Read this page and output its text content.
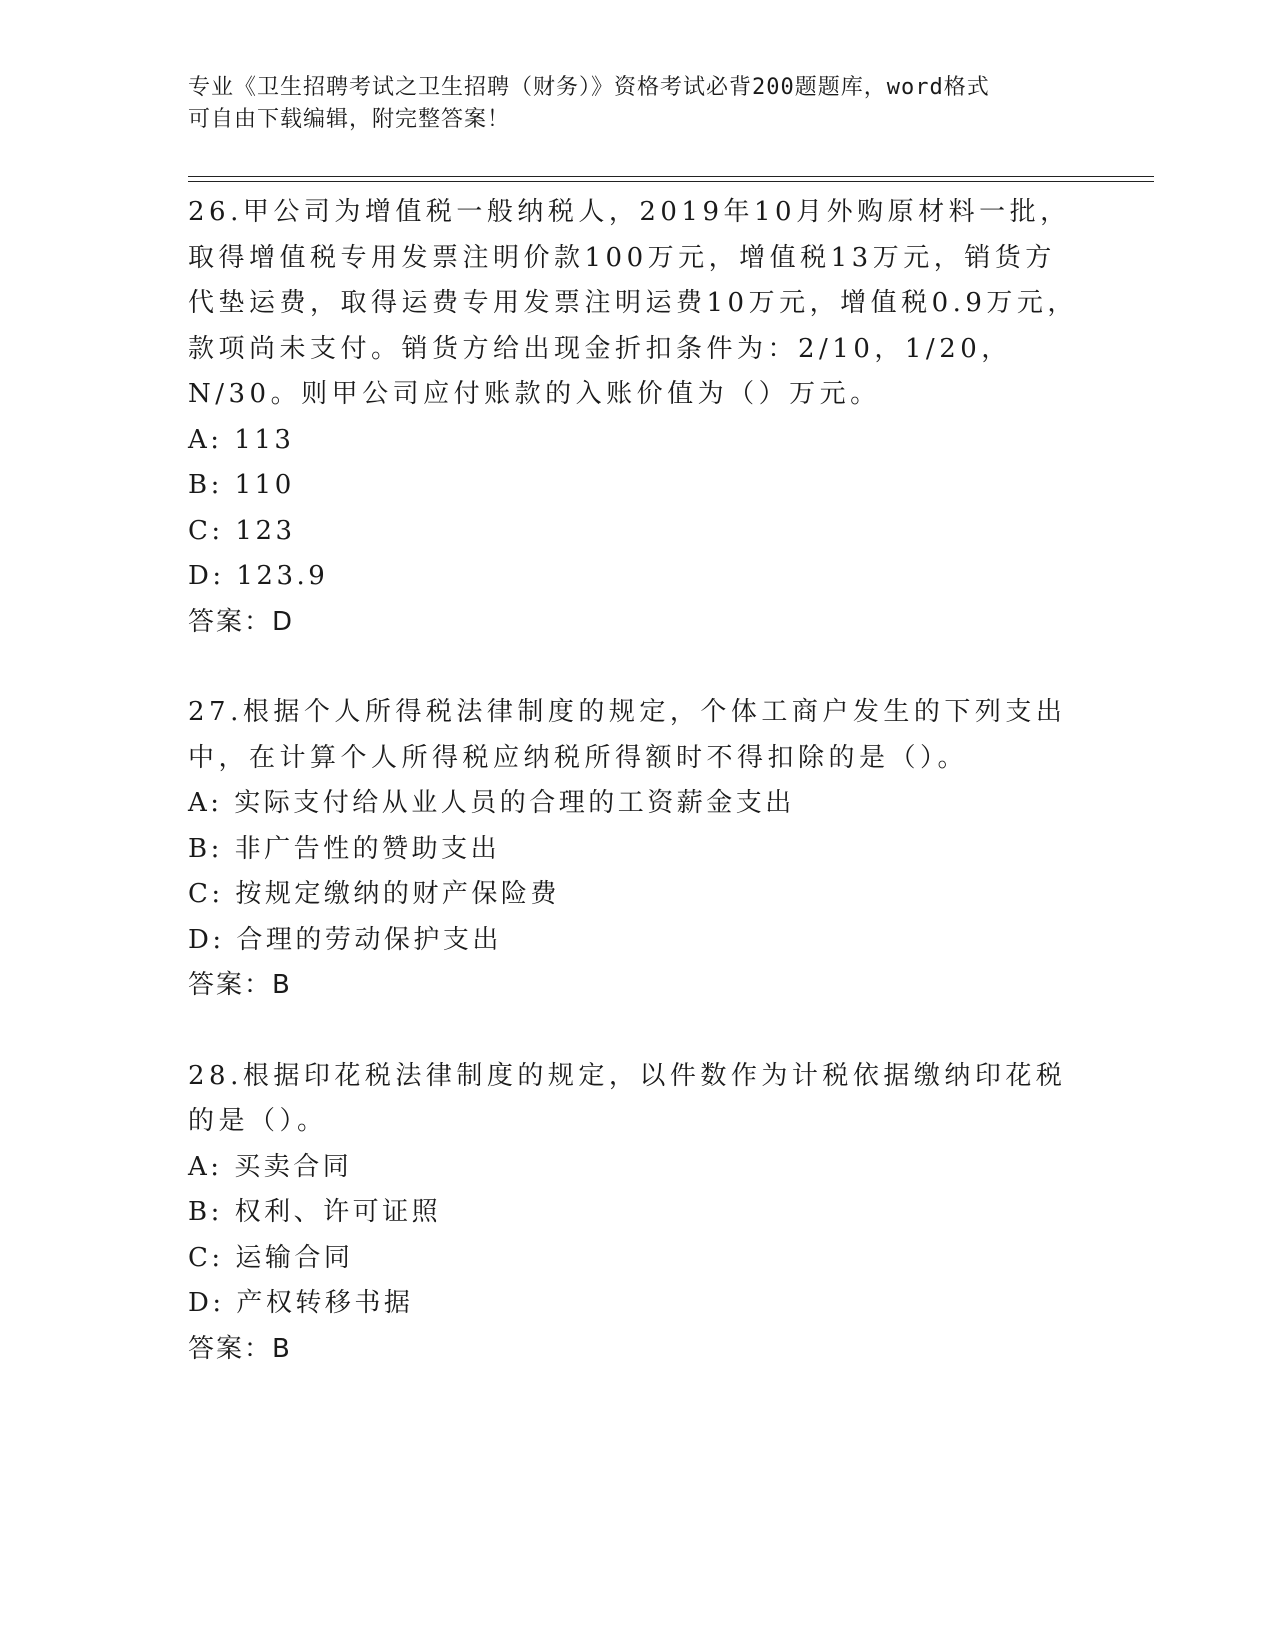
专业《卫生招聘考试之卫生招聘（财务）》资格考试必背200题题库，word格式
可自由下载编辑，附完整答案！

26.甲公司为增值税一般纳税人，2019年10月外购原材料一批，取得增值税专用发票注明价款100万元，增值税13万元，销货方代垫运费，取得运费专用发票注明运费10万元，增值税0.9万元，款项尚未支付。销货方给出现金折扣条件为：2/10，1/20，N/30。则甲公司应付账款的入账价值为（）万元。

A: 113
B: 110
C: 123
D: 123.9
答案：D

27.根据个人所得税法律制度的规定，个体工商户发生的下列支出中，在计算个人所得税应纳税所得额时不得扣除的是（）。

A: 实际支付给从业人员的合理的工资薪金支出
B: 非广告性的赞助支出
C: 按规定缴纳的财产保险费
D: 合理的劳动保护支出
答案：B

28.根据印花税法律制度的规定，以件数作为计税依据缴纳印花税的是（）。

A: 买卖合同
B: 权利、许可证照
C: 运输合同
D: 产权转移书据
答案：B
